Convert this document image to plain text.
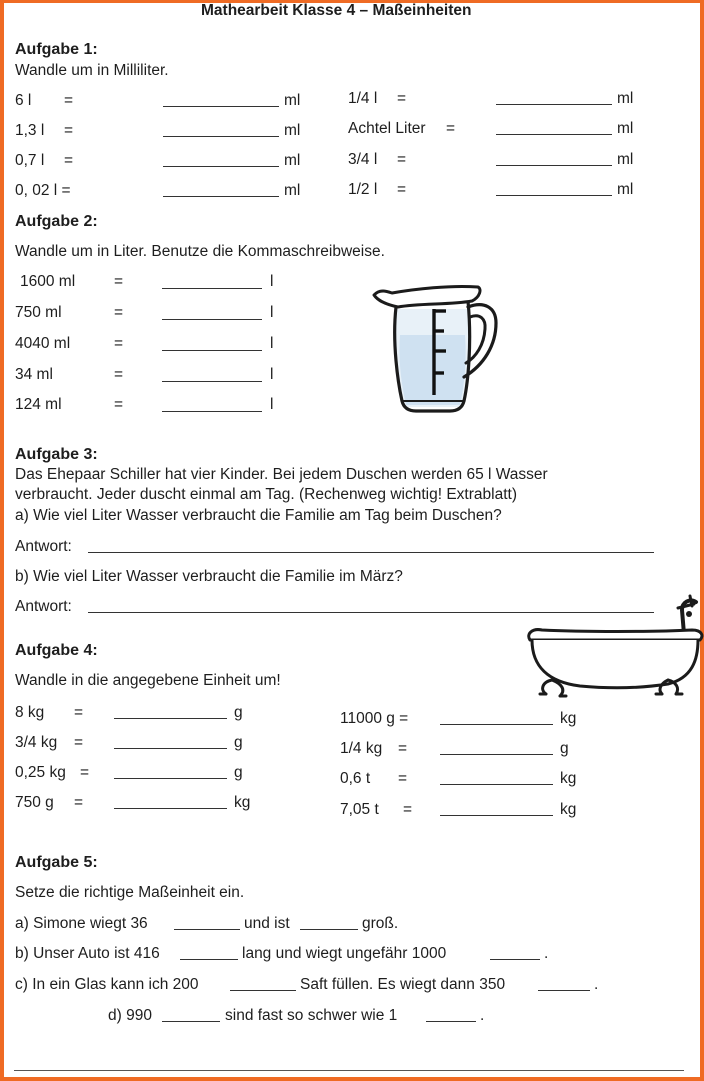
Mathearbeit Klasse 4 – Maßeinheiten
Aufgabe 1:
Wandle um in Milliliter.
6 l =	ml	1/4 l =	ml
1,3 l =	ml	Achtel Liter =	ml
0,7 l =	ml	3/4 l =	ml
0, 02 l =	ml	1/2 l =	ml
Aufgabe 2:
Wandle um in Liter. Benutze die Kommaschreibweise.
1600 ml	=	l
750 ml	=	l
4040 ml	=	l
34 ml	=	l
124 ml	=	l
Aufgabe 3:
Das Ehepaar Schiller hat vier Kinder. Bei jedem Duschen werden 65 l Wasser
verbraucht. Jeder duscht einmal am Tag. (Rechenweg wichtig! Extrablatt)
a) Wie viel Liter Wasser verbraucht die Familie am Tag beim Duschen?
Antwort:
b) Wie viel Liter Wasser verbraucht die Familie im März?
Antwort:
Aufgabe 4:
Wandle in die angegebene Einheit um!
8 kg =	g	11000 g =	kg
3/4 kg =	g	1/4 kg =	g
0,25 kg =	g	0,6 t =	kg
750 g =	kg	7,05 t =	kg
Aufgabe 5:
Setze die richtige Maßeinheit ein.
a) Simone wiegt 36	und ist	groß.
b) Unser Auto ist 416	lang und wiegt ungefähr 1000	.
c) In ein Glas kann ich 200	Saft füllen. Es wiegt dann 350	.
d) 990	sind fast so schwer wie 1	.
